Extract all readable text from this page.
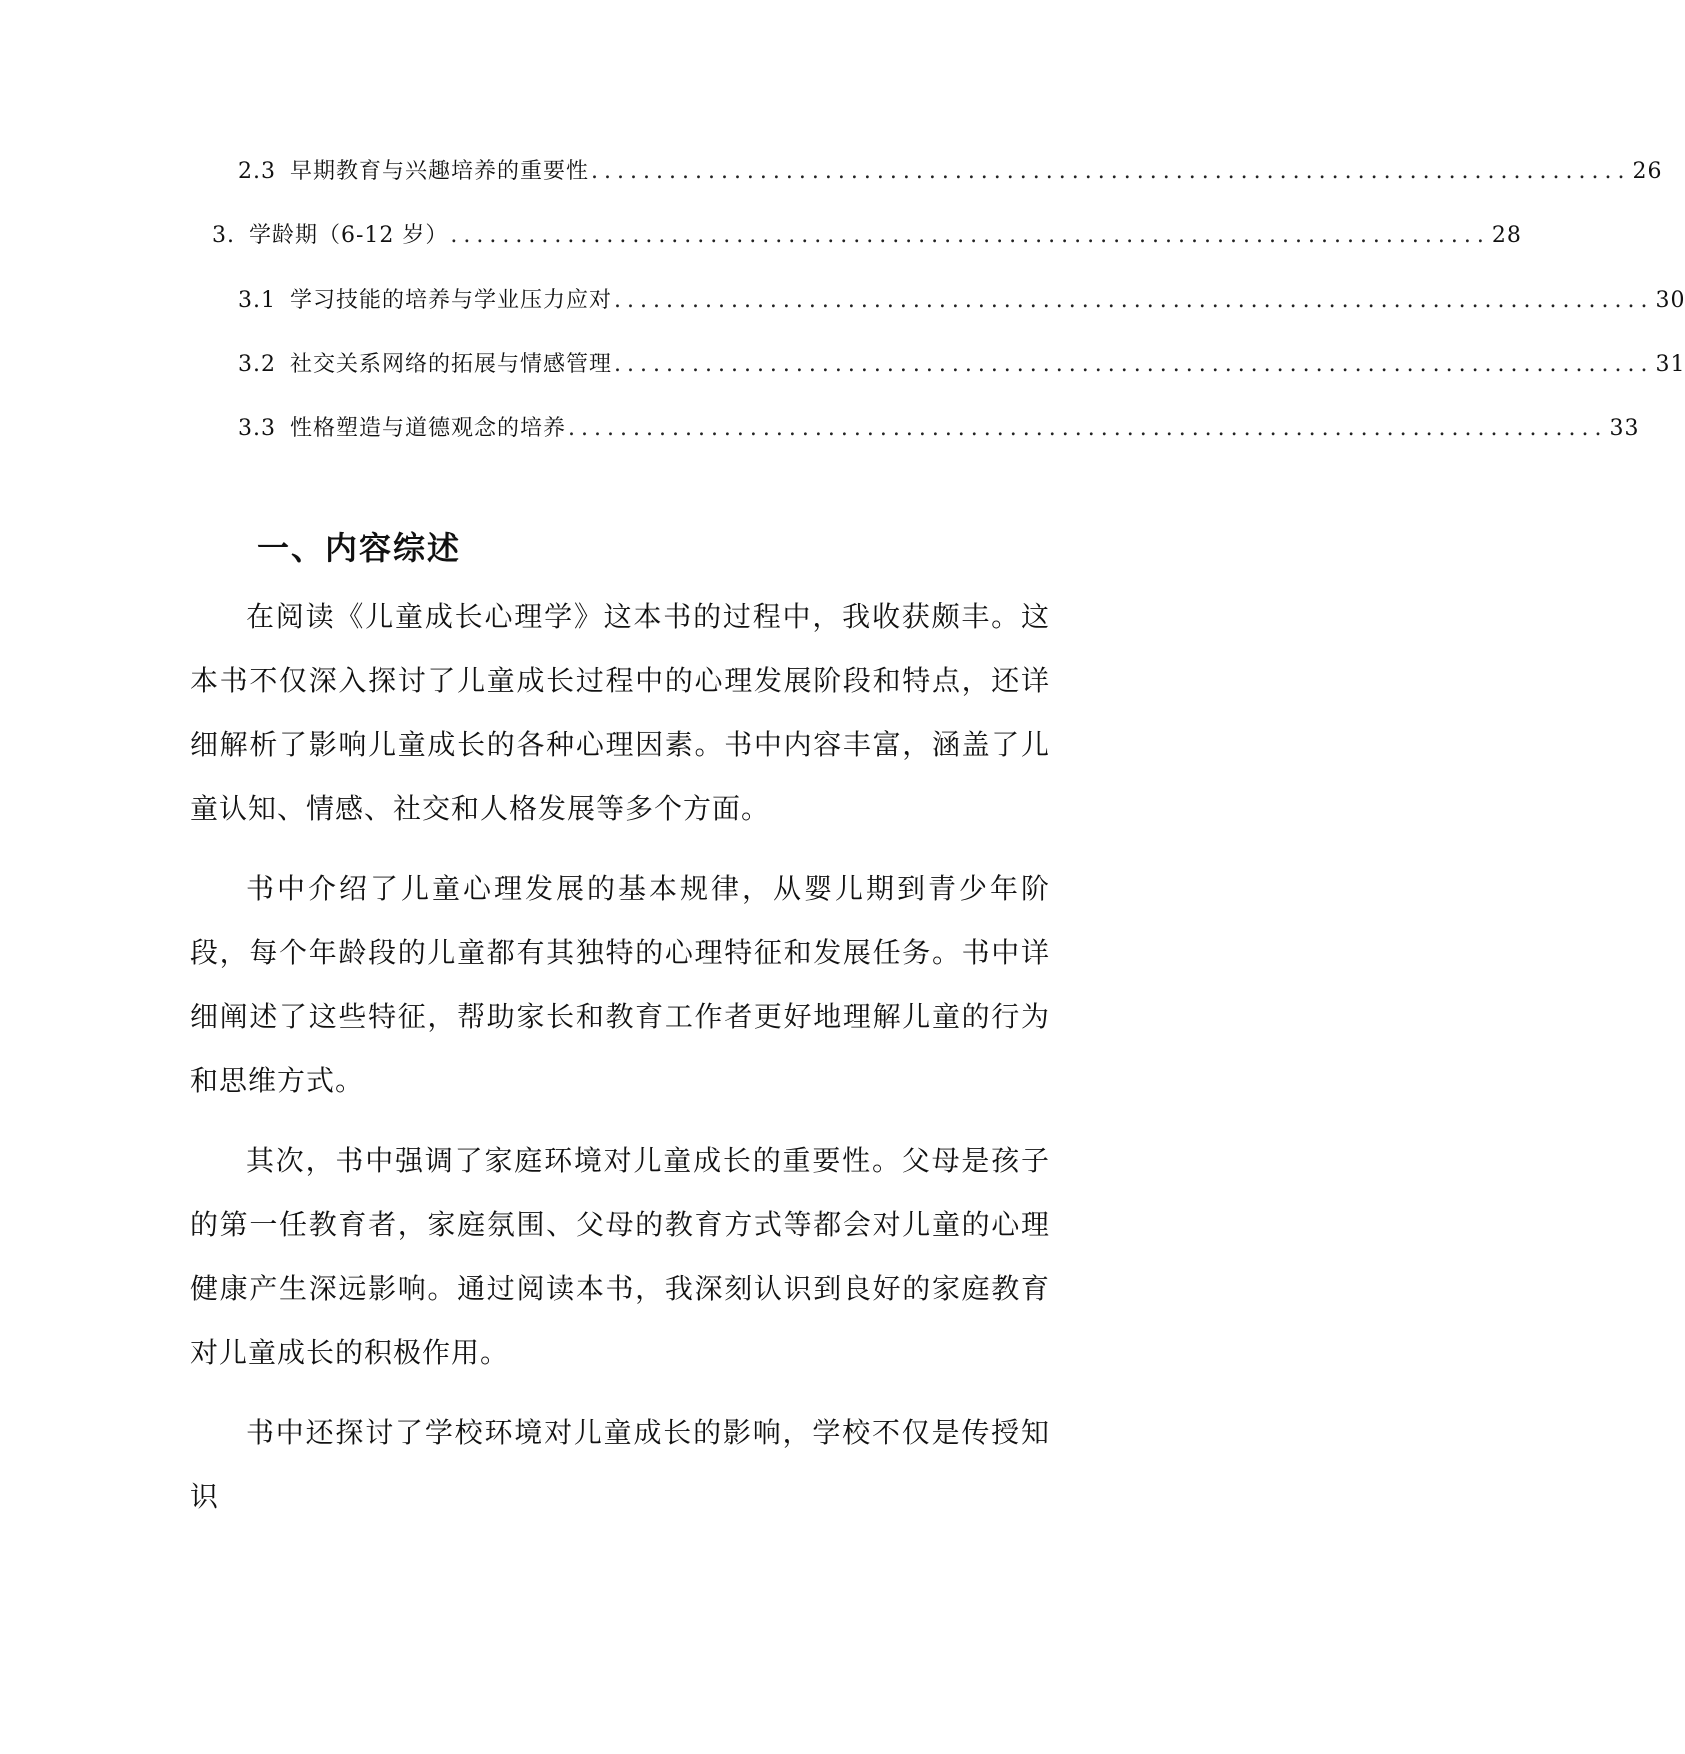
2.3 早期教育与兴趣培养的重要性 ................................................................................ 26
3. 学龄期（6-12 岁） ................................................................................ 28
3.1 学习技能的培养与学业压力应对 ................................................................................ 30
3.2 社交关系网络的拓展与情感管理 ................................................................................ 31
3.3 性格塑造与道德观念的培养 ................................................................................ 33
一、内容综述

在阅读《儿童成长心理学》这本书的过程中，我收获颇丰。这本书不仅深入探讨了儿童成长过程中的心理发展阶段和特点，还详细解析了影响儿童成长的各种心理因素。书中内容丰富，涵盖了儿童认知、情感、社交和人格发展等多个方面。

书中介绍了儿童心理发展的基本规律，从婴儿期到青少年阶段，每个年龄段的儿童都有其独特的心理特征和发展任务。书中详细阐述了这些特征，帮助家长和教育工作者更好地理解儿童的行为和思维方式。

其次，书中强调了家庭环境对儿童成长的重要性。父母是孩子的第一任教育者，家庭氛围、父母的教育方式等都会对儿童的心理健康产生深远影响。通过阅读本书，我深刻认识到良好的家庭教育对儿童成长的积极作用。

书中还探讨了学校环境对儿童成长的影响，学校不仅是传授知识
